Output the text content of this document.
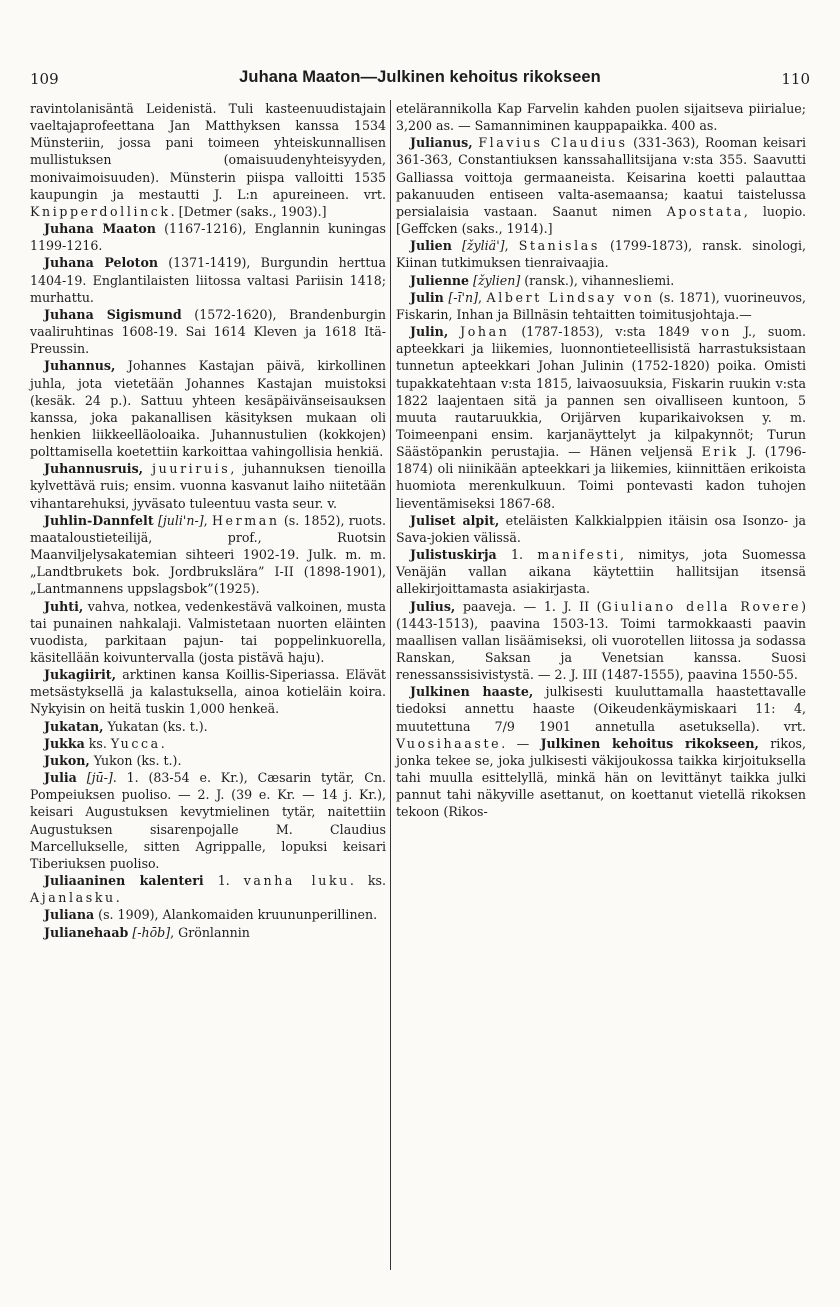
109	Juhana Maaton—Julkinen kehoitus rikokseen	110

ravintolanisäntä Leidenistä. Tuli kasteenuudistajain vaeltajaprofeettana Jan Matthyksen kanssa 1534 Münsteriin, jossa pani toimeen yhteiskunnallisen mullistuksen (omaisuudenyhteisyyden, monivaimoisuuden). Münsterin piispa valloitti 1535 kaupungin ja mestautti J. L:n apureineen. vrt. Knipperdollinck. [Detmer (saks., 1903).]

Juhana Maaton (1167-1216), Englannin kuningas 1199-1216.

Juhana Peloton (1371-1419), Burgundin herttua 1404-19. Englantilaisten liitossa valtasi Pariisin 1418; murhattu.

Juhana Sigismund (1572-1620), Brandenburgin vaaliruhtinas 1608-19. Sai 1614 Kleven ja 1618 Itä-Preussin.

Juhannus, Johannes Kastajan päivä, kirkollinen juhla, jota vietetään Johannes Kastajan muistoksi (kesäk. 24 p.). Sattuu yhteen kesäpäivänseisauksen kanssa, joka pakanallisen käsityksen mukaan oli henkien liikkeelläoloaika. Juhannustulien (kokkojen) polttamisella koetettiin karkoittaa vahingollisia henkiä.

Juhannusruis, juuriruis, juhannuksen tienoilla kylvettävä ruis; ensim. vuonna kasvanut laiho niitetään vihantarehuksi, jyväsato tuleentuu vasta seur. v.

Juhlin-Dannfelt [juli'n-], Herman (s. 1852), ruots. maataloustieteilijä, prof., Ruotsin Maanviljelysakatemian sihteeri 1902-19. Julk. m. m. „Landtbrukets bok. Jordbrukslära” I-II (1898-1901), „Lantmannens uppslagsbok”(1925).

Juhti, vahva, notkea, vedenkestävä valkoinen, musta tai punainen nahkalaji. Valmistetaan nuorten eläinten vuodista, parkitaan pajun- tai poppelinkuorella, käsitellään koivuntervalla (josta pistävä haju).

Jukagiirit, arktinen kansa Koillis-Siperiassa. Elävät metsästyksellä ja kalastuksella, ainoa kotieläin koira. Nykyisin on heitä tuskin 1,000 henkeä.

Jukatan, Yukatan (ks. t.).

Jukka ks. Yucca.

Jukon, Yukon (ks. t.).

Julia [jū-]. 1. (83-54 e. Kr.), Cæsarin tytär, Cn. Pompeiuksen puoliso. — 2. J. (39 e. Kr. — 14 j. Kr.), keisari Augustuksen kevytmielinen tytär, naitettiin Augustuksen sisarenpojalle M. Claudius Marcellukselle, sitten Agrippalle, lopuksi keisari Tiberiuksen puoliso.

Juliaaninen kalenteri 1. vanha luku. ks. Ajanlasku.

Juliana (s. 1909), Alankomaiden kruununperillinen.

Julianehaab [-hōb], Grönlannin

etelärannikolla Kap Farvelin kahden puolen sijaitseva piirialue; 3,200 as. — Samanniminen kauppapaikka. 400 as.

Julianus, Flavius Claudius (331-363), Rooman keisari 361-363, Constantiuksen kanssahallitsijana v:sta 355. Saavutti Galliassa voittoja germaaneista. Keisarina koetti palauttaa pakanuuden entiseen valta-asemaansa; kaatui taistelussa persialaisia vastaan. Saanut nimen Apostata, luopio. [Geffcken (saks., 1914).]

Julien [žyliä'], Stanislas (1799-1873), ransk. sinologi, Kiinan tutkimuksen tienraivaajia.

Julienne [žylien] (ransk.), vihannesliemi.

Julin [-ī'n], Albert Lindsay von (s. 1871), vuorineuvos, Fiskarin, Inhan ja Billnäsin tehtaitten toimitusjohtaja.—

Julin, Johan (1787-1853), v:sta 1849 von J., suom. apteekkari ja liikemies, luonnontieteellisistä harrastuksistaan tunnetun apteekkari Johan Julinin (1752-1820) poika. Omisti tupakkatehtaan v:sta 1815, laivaosuuksia, Fiskarin ruukin v:sta 1822 laajentaen sitä ja pannen sen oivalliseen kuntoon, 5 muuta rautaruukkia, Orijärven kuparikaivoksen y. m. Toimeenpani ensim. karjanäyttelyt ja kilpakynnöt; Turun Säästöpankin perustajia. — Hänen veljensä Erik J. (1796-1874) oli niinikään apteekkari ja liikemies, kiinnittäen erikoista huomiota merenkulkuun. Toimi pontevasti kadon tuhojen lieventämiseksi 1867-68.

Juliset alpit, eteläisten Kalkkialppien itäisin osa Isonzo- ja Sava-jokien välissä.

Julistuskirja 1. manifesti, nimitys, jota Suomessa Venäjän vallan aikana käytettiin hallitsijan itsensä allekirjoittamasta asiakirjasta.

Julius, paaveja. — 1. J. II (Giuliano della Rovere) (1443-1513), paavina 1503-13. Toimi tarmokkaasti paavin maallisen vallan lisäämiseksi, oli vuorotellen liitossa ja sodassa Ranskan, Saksan ja Venetsian kanssa. Suosi renessanssisivistystä. — 2. J. III (1487-1555), paavina 1550-55.

Julkinen haaste, julkisesti kuuluttamalla haastettavalle tiedoksi annettu haaste (Oikeudenkäymiskaari 11: 4, muutettuna 7/9 1901 annetulla asetuksella). vrt. Vuosihaaste. — Julkinen kehoitus rikokseen, rikos, jonka tekee se, joka julkisesti väkijoukossa taikka kirjoituksella tahi muulla esittelyllä, minkä hän on levittänyt taikka julki pannut tahi näkyville asettanut, on koettanut vietellä rikoksen tekoon (Rikos-
